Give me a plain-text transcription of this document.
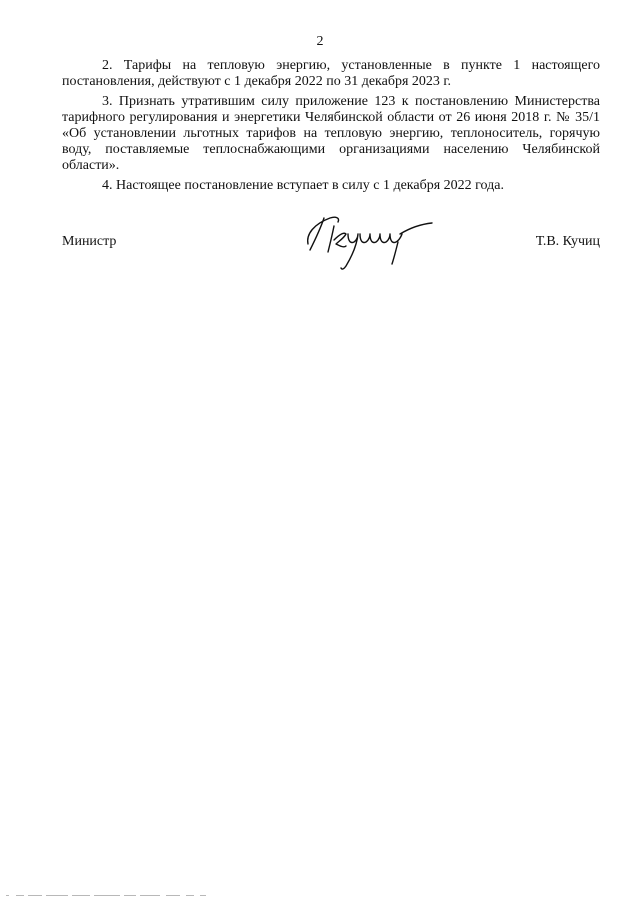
2

2. Тарифы на тепловую энергию, установленные в пункте 1 настоящего постановления, действуют с 1 декабря 2022 по 31 декабря 2023 г.

3. Признать утратившим силу приложение 123 к постановлению Министерства тарифного регулирования и энергетики Челябинской области от 26 июня 2018 г. № 35/1 «Об установлении льготных тарифов на тепловую энергию, теплоноситель, горячую воду, поставляемые теплоснабжающими организациями населению Челябинской области».

4. Настоящее постановление вступает в силу с 1 декабря 2022 года.

Министр	Т.В. Кучиц
